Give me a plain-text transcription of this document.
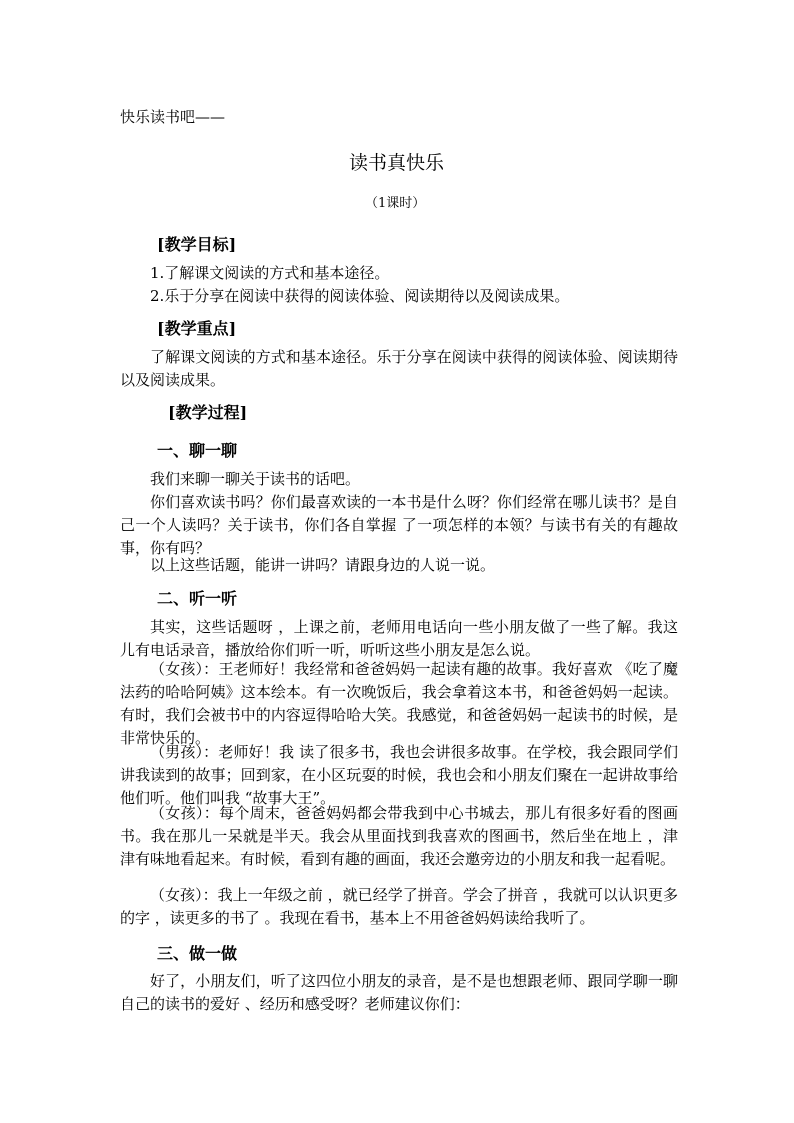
快乐读书吧——
读书真快乐
（1课时）
[教学目标]
1.了解课文阅读的方式和基本途径。
2.乐于分享在阅读中获得的阅读体验、阅读期待以及阅读成果。
[教学重点]
了解课文阅读的方式和基本途径。乐于分享在阅读中获得的阅读体验、阅读期待以及阅读成果。
[教学过程]
一、聊一聊
我们来聊一聊关于读书的话吧。
你们喜欢读书吗？你们最喜欢读的一本书是什么呀？你们经常在哪儿读书？是自己一个人读吗？关于读书，你们各自掌握 了一项怎样的本领？与读书有关的有趣故事，你有吗？
以上这些话题，能讲一讲吗？请跟身边的人说一说。
二、听一听
其实，这些话题呀 ，上课之前，老师用电话向一些小朋友做了一些了解。我这儿有电话录音，播放给你们听一听，听听这些小朋友是怎么说。
（女孩）：王老师好！我经常和爸爸妈妈一起读有趣的故事。我好喜欢 《吃了魔法药的哈哈阿姨》这本绘本。有一次晚饭后，我会拿着这本书，和爸爸妈妈一起读。有时，我们会被书中的内容逗得哈哈大笑。我感觉，和爸爸妈妈一起读书的时候，是 非常快乐的。
（男孩）：老师好！我 读了很多书，我也会讲很多故事。在学校，我会跟同学们讲我读到的故事；回到家，在小区玩耍的时候，我也会和小朋友们聚在一起讲故事给他们听。他们叫我 “故事大王”。
（女孩）：每个周末，爸爸妈妈都会带我到中心书城去，那儿有很多好看的图画书。我在那儿一呆就是半天。我会从里面找到我喜欢的图画书，然后坐在地上 ，津津有味地看起来。有时候，看到有趣的画面，我还会邀旁边的小朋友和我一起看呢。
（女孩）：我上一年级之前 ，就已经学了拼音。学会了拼音 ，我就可以认识更多的字 ，读更多的书了 。我现在看书，基本上不用爸爸妈妈读给我听了。
三、做一做
好了，小朋友们，听了这四位小朋友的录音，是不是也想跟老师、跟同学聊一聊自己的读书的爱好 、经历和感受呀？老师建议你们：
